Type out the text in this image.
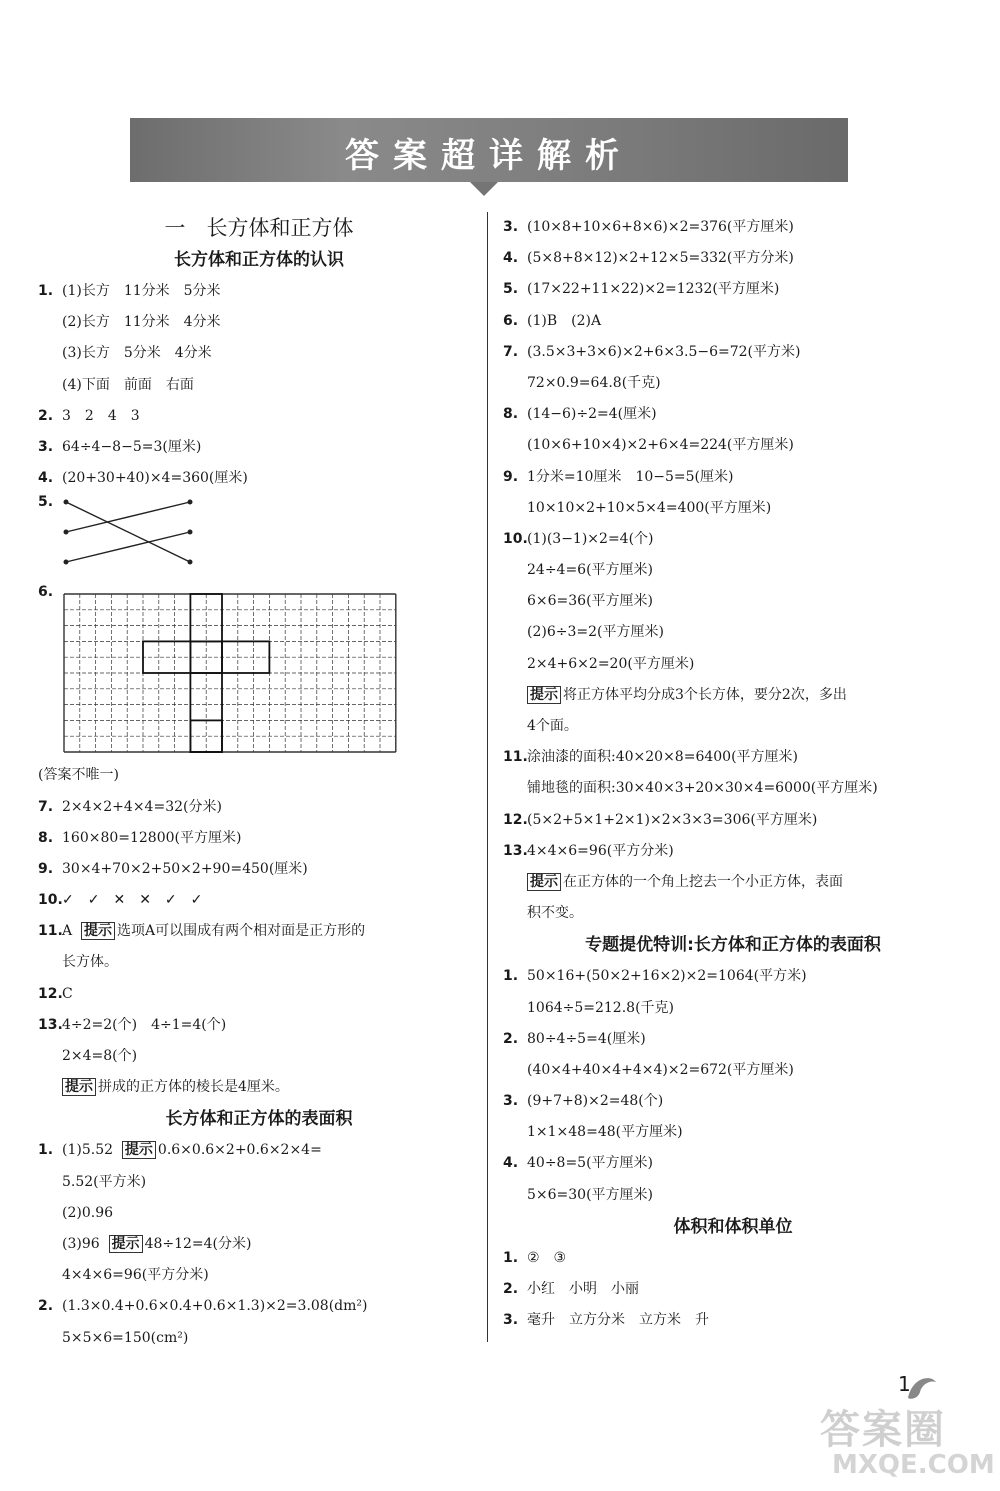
答案超详解析
一　长方体和正方体
长方体和正方体的认识
1. (1)长方　11分米　5分米
(2)长方　11分米　4分米
(3)长方　5分米　4分米
(4)下面　前面　右面
2. 3　2　4　3
3. 64÷4−8−5=3(厘米)
4. (20+30+40)×4=360(厘米)
5.
6.
(答案不唯一)
7. 2×4×2+4×4=32(分米)
8. 160×80=12800(平方厘米)
9. 30×4+70×2+50×2+90=450(厘米)
10.✓　✓　✕　✕　✓　✓
11.A 提示 选项A可以围成有两个相对面是正方形的
长方体。
12.C
13.4÷2=2(个)　4÷1=4(个)
2×4=8(个)
提示 拼成的正方体的棱长是4厘米。
长方体和正方体的表面积
1. (1)5.52 提示 0.6×0.6×2+0.6×2×4=
5.52(平方米)
(2)0.96
(3)96 提示 48÷12=4(分米)
4×4×6=96(平方分米)
2. (1.3×0.4+0.6×0.4+0.6×1.3)×2=3.08(dm²)
5×5×6=150(cm²)
3. (10×8+10×6+8×6)×2=376(平方厘米)
4. (5×8+8×12)×2+12×5=332(平方分米)
5. (17×22+11×22)×2=1232(平方厘米)
6. (1)B　(2)A
7. (3.5×3+3×6)×2+6×3.5−6=72(平方米)
72×0.9=64.8(千克)
8. (14−6)÷2=4(厘米)
(10×6+10×4)×2+6×4=224(平方厘米)
9. 1分米=10厘米　10−5=5(厘米)
10×10×2+10×5×4=400(平方厘米)
10.(1)(3−1)×2=4(个)
24÷4=6(平方厘米)
6×6=36(平方厘米)
(2)6÷3=2(平方厘米)
2×4+6×2=20(平方厘米)
提示 将正方体平均分成3个长方体，要分2次，多出
4个面。
11.涂油漆的面积:40×20×8=6400(平方厘米)
铺地毯的面积:30×40×3+20×30×4=6000(平方厘米)
12.(5×2+5×1+2×1)×2×3×3=306(平方厘米)
13.4×4×6=96(平方分米)
提示 在正方体的一个角上挖去一个小正方体，表面
积不变。
专题提优特训:长方体和正方体的表面积
1. 50×16+(50×2+16×2)×2=1064(平方米)
1064÷5=212.8(千克)
2. 80÷4÷5=4(厘米)
(40×4+40×4+4×4)×2=672(平方厘米)
3. (9+7+8)×2=48(个)
1×1×48=48(平方厘米)
4. 40÷8=5(平方厘米)
5×6=30(平方厘米)
体积和体积单位
1. ②　③
2. 小红　小明　小丽
3. 毫升　立方分米　立方米　升
1
答案圈
MXQE.COM
